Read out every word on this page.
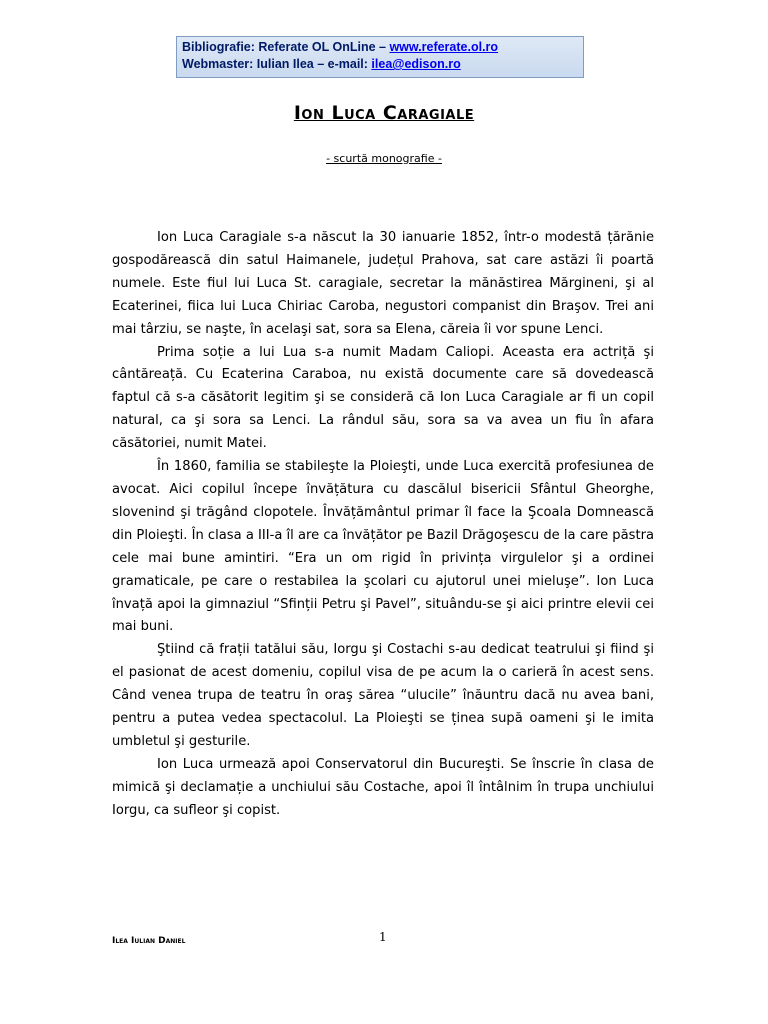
Bibliografie: Referate OL OnLine – www.referate.ol.ro
Webmaster: Iulian Ilea – e-mail: ilea@edison.ro
Ion Luca Caragiale
- scurtă monografie -

Ion Luca Caragiale s-a născut la 30 ianuarie 1852, într-o modestă țărănie gospodărească din satul Haimanele, județul Prahova, sat care astăzi îi poartă numele. Este fiul lui Luca St. caragiale, secretar la mănăstirea Mărgineni, şi al Ecaterinei, fiica lui Luca Chiriac Caroba, negustori companist din Braşov. Trei ani mai târziu, se naşte, în acelaşi sat, sora sa Elena, căreia îi vor spune Lenci.

Prima soție a lui Lua s-a numit Madam Caliopi. Aceasta era actriță şi cântăreață. Cu Ecaterina Caraboa, nu există documente care să dovedească faptul că s-a căsătorit legitim şi se consideră că Ion Luca Caragiale ar fi un copil natural, ca şi sora sa Lenci. La rândul său, sora sa va avea un fiu în afara căsătoriei, numit Matei.

În 1860, familia se stabileşte la Ploieşti, unde Luca exercită profesiunea de avocat. Aici copilul începe învățătura cu dascălul bisericii Sfântul Gheorghe, slovenind şi trăgând clopotele. Învățământul primar îl face la Şcoala Domnească din Ploieşti. În clasa a III-a îl are ca învățător pe Bazil Drăgoşescu de la care păstra cele mai bune amintiri. “Era un om rigid în privința virgulelor şi a ordinei gramaticale, pe care o restabilea la şcolari cu ajutorul unei mieluşe”. Ion Luca învață apoi la gimnaziul “Sfinții Petru şi Pavel”, situându-se şi aici printre elevii cei mai buni.

Ştiind că frații tatălui său, Iorgu şi Costachi s-au dedicat teatrului şi fiind şi el pasionat de acest domeniu, copilul visa de pe acum la o carieră în acest sens. Când venea trupa de teatru în oraş sărea “ulucile” înăuntru dacă nu avea bani, pentru a putea vedea spectacolul. La Ploieşti se ținea supă oameni şi le imita umbletul şi gesturile.

Ion Luca urmează apoi Conservatorul din Bucureşti. Se înscrie în clasa de mimică şi declamație a unchiului său Costache, apoi îl întâlnim în trupa unchiului Iorgu, ca sufleor şi copist.

Ilea Iulian Daniel	1
